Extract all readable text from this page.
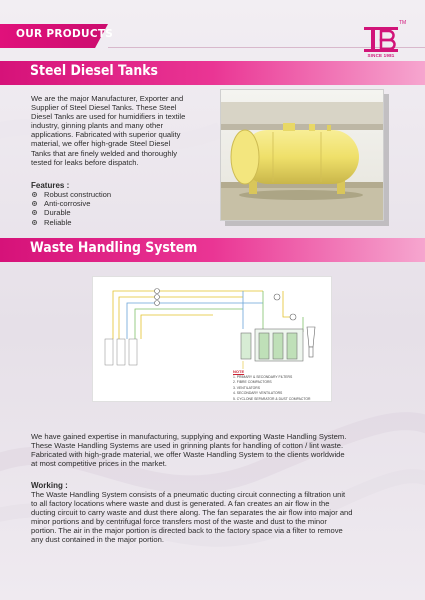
OUR PRODUCTS
TM
SINCE 1981
Steel Diesel Tanks
We are the major Manufacturer, Exporter and
Supplier of Steel Diesel Tanks. These Steel
Diesel Tanks are used for humidifiers in textile
industry, ginning plants and many other
applications. Fabricated with superior quality
material, we offer high-grade Steel Diesel
Tanks that are finely welded and thoroughly
tested for leaks before dispatch.
Features :
Robust construction
Anti-corrosive
Durable
Reliable
Waste Handling System
NOTE
1. PRIMARY & SECONDARY FILTERS
2. FIBRE COMPACTORS
3. VENTILATORS
4. SECONDARY VENTILATORS
5. CYCLONE SEPARATOR & DUST COMPACTOR
We have gained expertise in manufacturing, supplying and exporting Waste Handling System.
These Waste Handling Systems are used in grinning plants for handling of cotton / lint waste.
Fabricated with high-grade material, we offer Waste Handling System to the clients worldwide
at most competitive prices in the market.
Working :
The Waste Handling System consists of a pneumatic ducting circuit connecting a filtration unit
to all factory locations where waste and dust is generated. A fan creates an air flow in the
ducting circuit to carry waste and dust there along. The fan separates the air flow into major and
minor portions and by centrifugal force transfers most of the waste and dust to the minor
portion. The air in the major portion is directed back to the factory space via a filter to remove
any dust contained in the major portion.
